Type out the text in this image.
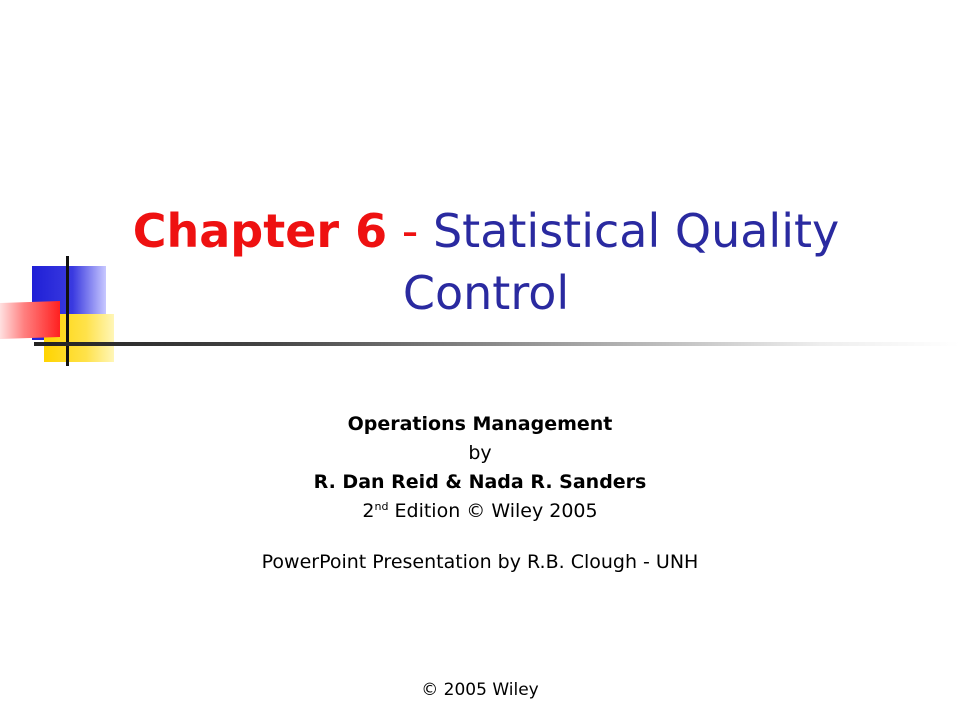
Chapter 6 - Statistical Quality Control
Operations Management
by
R. Dan Reid & Nada R. Sanders
2nd Edition © Wiley 2005
PowerPoint Presentation by R.B. Clough - UNH
© 2005 Wiley
